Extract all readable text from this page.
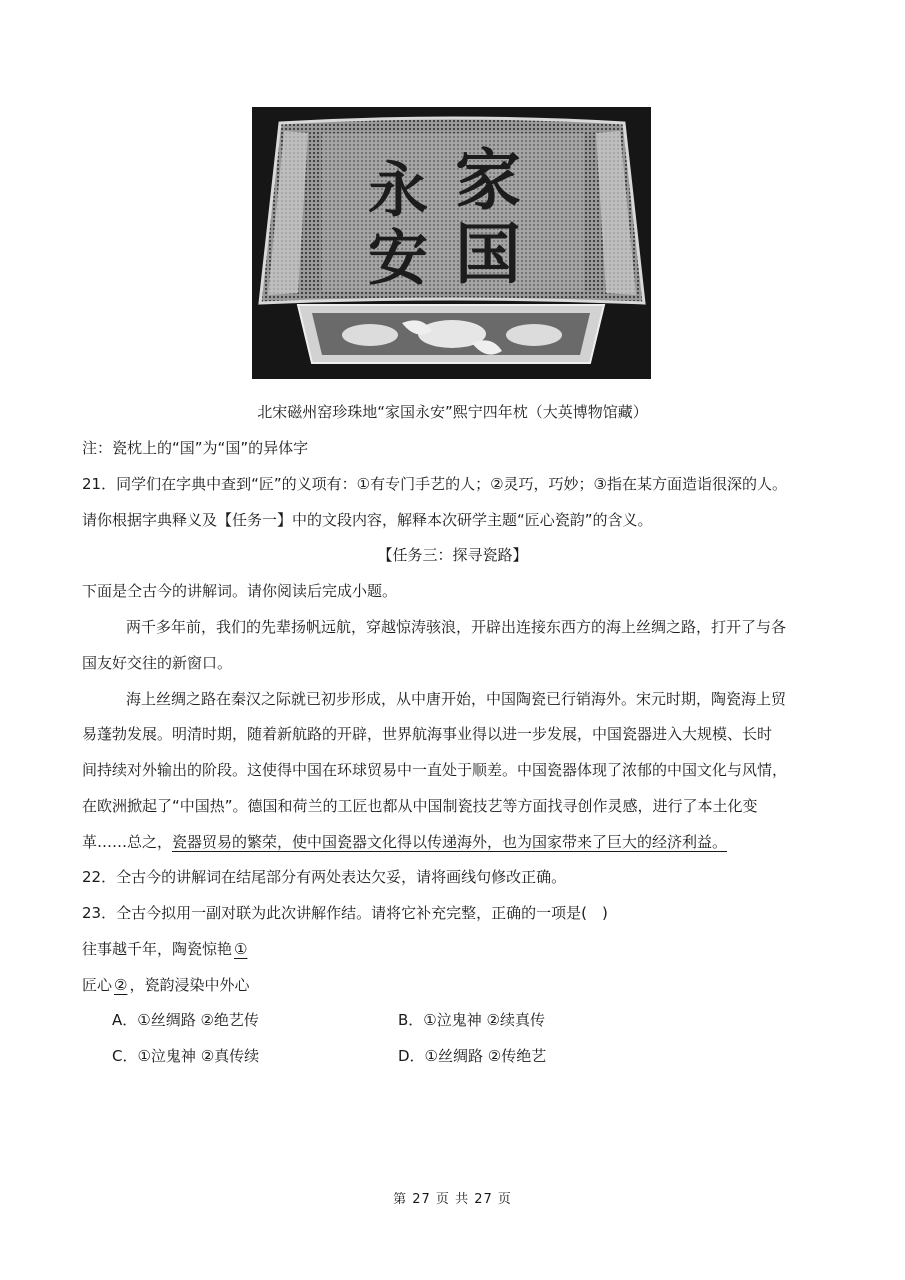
家
国
永
安
北宋磁州窑珍珠地“家国永安”熙宁四年枕（大英博物馆藏）
注：瓷枕上的“国”为“国”的异体字
21．同学们在字典中查到“匠”的义项有：①有专门手艺的人；②灵巧，巧妙；③指在某方面造诣很深的人。
请你根据字典释义及【任务一】中的文段内容，解释本次研学主题“匠心瓷韵”的含义。
【任务三：探寻瓷路】
下面是仝古今的讲解词。请你阅读后完成小题。
两千多年前，我们的先辈扬帆远航，穿越惊涛骇浪，开辟出连接东西方的海上丝绸之路，打开了与各
国友好交往的新窗口。
海上丝绸之路在秦汉之际就已初步形成，从中唐开始，中国陶瓷已行销海外。宋元时期，陶瓷海上贸
易蓬勃发展。明清时期，随着新航路的开辟，世界航海事业得以进一步发展，中国瓷器进入大规模、长时
间持续对外输出的阶段。这使得中国在环球贸易中一直处于顺差。中国瓷器体现了浓郁的中国文化与风情，
在欧洲掀起了“中国热”。德国和荷兰的工匠也都从中国制瓷技艺等方面找寻创作灵感，进行了本土化变
革……总之，瓷器贸易的繁荣，使中国瓷器文化得以传递海外，也为国家带来了巨大的经济利益。
22．仝古今的讲解词在结尾部分有两处表达欠妥，请将画线句修改正确。
23．仝古今拟用一副对联为此次讲解作结。请将它补充完整，正确的一项是(　)
往事越千年，陶瓷惊艳 ①
匠心 ② ，瓷韵浸染中外心
A．①丝绸路 ②绝艺传	B．①泣鬼神 ②续真传
C．①泣鬼神 ②真传续	D．①丝绸路 ②传绝艺
第 27 页 共 27 页
